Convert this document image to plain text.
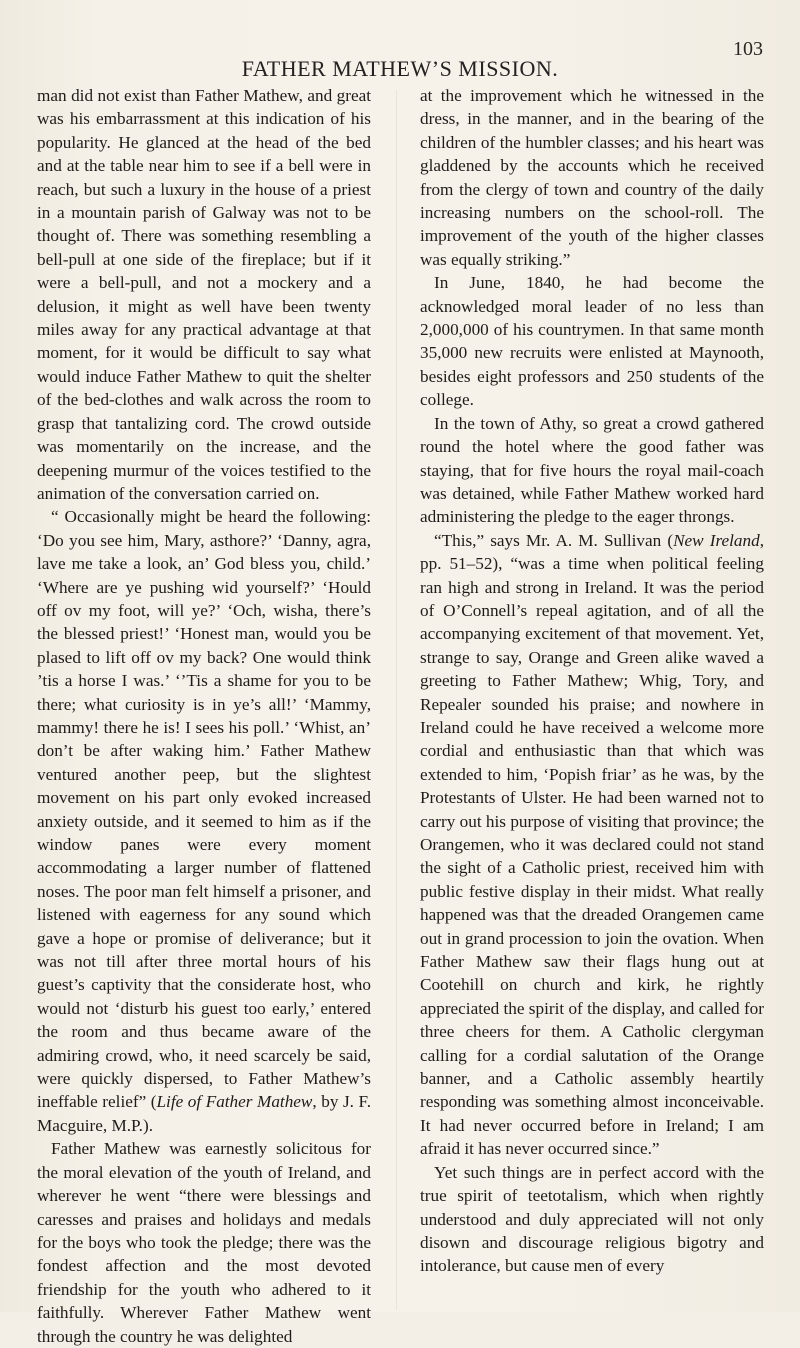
FATHER MATHEW’S MISSION.
103

man did not exist than Father Mathew, and great was his embarrassment at this indication of his popularity. He glanced at the head of the bed and at the table near him to see if a bell were in reach, but such a luxury in the house of a priest in a mountain parish of Galway was not to be thought of. There was something resembling a bell-pull at one side of the fireplace; but if it were a bell-pull, and not a mockery and a delusion, it might as well have been twenty miles away for any practical advantage at that moment, for it would be difficult to say what would induce Father Mathew to quit the shelter of the bed-clothes and walk across the room to grasp that tantalizing cord. The crowd outside was momentarily on the increase, and the deepening murmur of the voices testified to the animation of the conversation carried on.

“ Occasionally might be heard the following: ‘Do you see him, Mary, asthore?’ ‘Danny, agra, lave me take a look, an’ God bless you, child.’ ‘Where are ye pushing wid yourself?’ ‘Hould off ov my foot, will ye?’ ‘Och, wisha, there’s the blessed priest!’ ‘Honest man, would you be plased to lift off ov my back? One would think ’tis a horse I was.’ ‘’Tis a shame for you to be there; what curiosity is in ye’s all!’ ‘Mammy, mammy! there he is! I sees his poll.’ ‘Whist, an’ don’t be after waking him.’ Father Mathew ventured another peep, but the slightest movement on his part only evoked increased anxiety outside, and it seemed to him as if the window panes were every moment accommodating a larger number of flattened noses. The poor man felt himself a prisoner, and listened with eagerness for any sound which gave a hope or promise of deliverance; but it was not till after three mortal hours of his guest’s captivity that the considerate host, who would not ‘disturb his guest too early,’ entered the room and thus became aware of the admiring crowd, who, it need scarcely be said, were quickly dispersed, to Father Mathew’s ineffable relief” (Life of Father Mathew, by J. F. Macguire, M.P.).

Father Mathew was earnestly solicitous for the moral elevation of the youth of Ireland, and wherever he went “there were blessings and caresses and praises and holidays and medals for the boys who took the pledge; there was the fondest affection and the most devoted friendship for the youth who adhered to it faithfully. Wherever Father Mathew went through the country he was delighted

at the improvement which he witnessed in the dress, in the manner, and in the bearing of the children of the humbler classes; and his heart was gladdened by the accounts which he received from the clergy of town and country of the daily increasing numbers on the school-roll. The improvement of the youth of the higher classes was equally striking.”

In June, 1840, he had become the acknowledged moral leader of no less than 2,000,000 of his countrymen. In that same month 35,000 new recruits were enlisted at Maynooth, besides eight professors and 250 students of the college.

In the town of Athy, so great a crowd gathered round the hotel where the good father was staying, that for five hours the royal mail-coach was detained, while Father Mathew worked hard administering the pledge to the eager throngs.

“This,” says Mr. A. M. Sullivan (New Ireland, pp. 51–52), “was a time when political feeling ran high and strong in Ireland. It was the period of O’Connell’s repeal agitation, and of all the accompanying excitement of that movement. Yet, strange to say, Orange and Green alike waved a greeting to Father Mathew; Whig, Tory, and Repealer sounded his praise; and nowhere in Ireland could he have received a welcome more cordial and enthusiastic than that which was extended to him, ‘Popish friar’ as he was, by the Protestants of Ulster. He had been warned not to carry out his purpose of visiting that province; the Orangemen, who it was declared could not stand the sight of a Catholic priest, received him with public festive display in their midst. What really happened was that the dreaded Orangemen came out in grand procession to join the ovation. When Father Mathew saw their flags hung out at Cootehill on church and kirk, he rightly appreciated the spirit of the display, and called for three cheers for them. A Catholic clergyman calling for a cordial salutation of the Orange banner, and a Catholic assembly heartily responding was something almost inconceivable. It had never occurred before in Ireland; I am afraid it has never occurred since.”

Yet such things are in perfect accord with the true spirit of teetotalism, which when rightly understood and duly appreciated will not only disown and discourage religious bigotry and intolerance, but cause men of every
